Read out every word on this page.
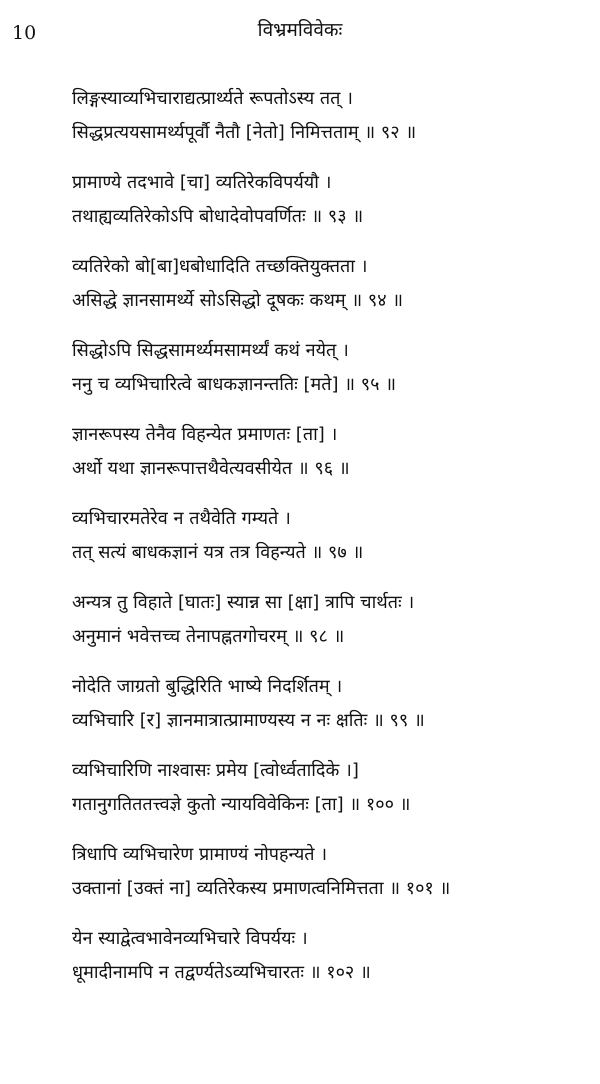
10	विभ्रमविवेकः
लिङ्गस्याव्यभिचाराद्यत्प्रार्थ्यते रूपतोऽस्य तत् ।
सिद्धप्रत्ययसामर्थ्यपूर्वौ नैतौ [नेतो] निमित्तताम् ॥ ९२ ॥
प्रामाण्ये तदभावे [चा] व्यतिरेकविपर्ययौ ।
तथाह्यव्यतिरेकोऽपि बोधादेवोपवर्णितः ॥ ९३ ॥
व्यतिरेको बो[बा]धबोधादिति तच्छक्तियुक्तता ।
असिद्धे ज्ञानसामर्थ्ये सोऽसिद्धो दूषकः कथम् ॥ ९४ ॥
सिद्धोऽपि सिद्धसामर्थ्यमसामर्थ्यं कथं नयेत् ।
ननु च व्यभिचारित्वे बाधकज्ञानन्ततिः [मते] ॥ ९५ ॥
ज्ञानरूपस्य तेनैव विहन्येत प्रमाणतः [ता] ।
अर्थो यथा ज्ञानरूपात्तथैवेत्यवसीयेत ॥ ९६ ॥
व्यभिचारमतेरेव न तथैवेति गम्यते ।
तत् सत्यं बाधकज्ञानं यत्र तत्र विहन्यते ॥ ९७ ॥
अन्यत्र तु विहाते [घातः] स्यान्न सा [क्षा] त्रापि चार्थतः ।
अनुमानं भवेत्तच्च तेनापह्नतगोचरम् ॥ ९८ ॥
नोदेति जाग्रतो बुद्धिरिति भाष्ये निदर्शितम् ।
व्यभिचारि [र] ज्ञानमात्रात्प्रामाण्यस्य न नः क्षतिः ॥ ९९ ॥
व्यभिचारिणि नाश्वासः प्रमेय [त्वोर्ध्वतादिके ।]
गतानुगतिततत्त्वज्ञे कुतो न्यायविवेकिनः [ता] ॥ १०० ॥
त्रिधापि व्यभिचारेण प्रामाण्यं नोपहन्यते ।
उक्तानां [उक्तं ना] व्यतिरेकस्य प्रमाणत्वनिमित्तता ॥ १०१ ॥
येन स्याद्वेत्वभावेनव्यभिचारे विपर्ययः ।
धूमादीनामपि न तद्वर्ण्यतेऽव्यभिचारतः ॥ १०२ ॥
